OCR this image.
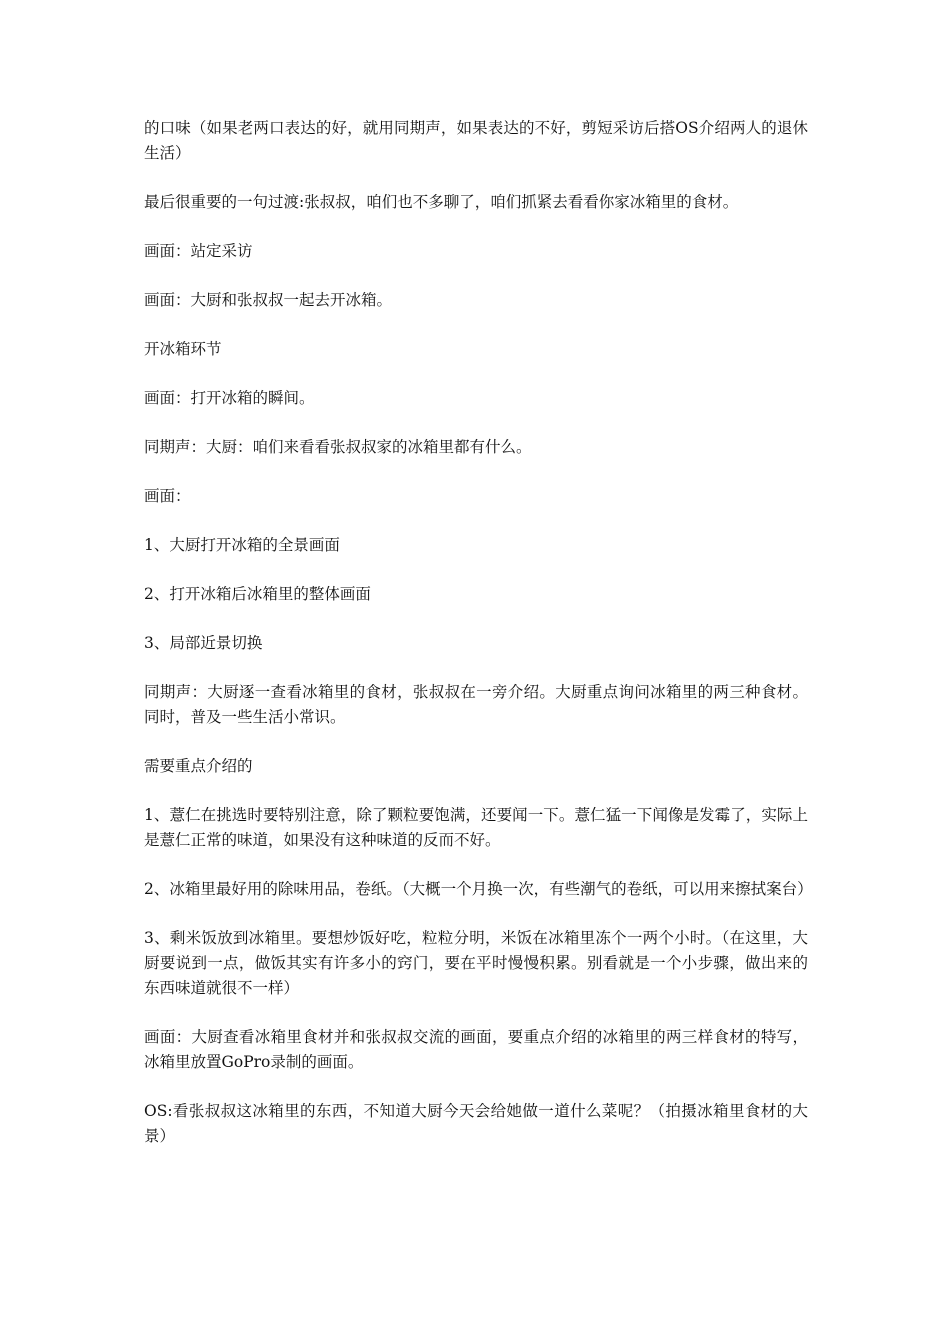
的口味（如果老两口表达的好，就用同期声，如果表达的不好，剪短采访后搭OS介绍两人的退休生活）

最后很重要的一句过渡:张叔叔，咱们也不多聊了，咱们抓紧去看看你家冰箱里的食材。

画面：站定采访

画面：大厨和张叔叔一起去开冰箱。

开冰箱环节

画面：打开冰箱的瞬间。

同期声：大厨：咱们来看看张叔叔家的冰箱里都有什么。

画面：

1、大厨打开冰箱的全景画面

2、打开冰箱后冰箱里的整体画面

3、局部近景切换

同期声：大厨逐一查看冰箱里的食材，张叔叔在一旁介绍。大厨重点询问冰箱里的两三种食材。同时，普及一些生活小常识。

需要重点介绍的

1、薏仁在挑选时要特别注意，除了颗粒要饱满，还要闻一下。薏仁猛一下闻像是发霉了，实际上是薏仁正常的味道，如果没有这种味道的反而不好。

2、冰箱里最好用的除味用品，卷纸。（大概一个月换一次，有些潮气的卷纸，可以用来擦拭案台）

3、剩米饭放到冰箱里。要想炒饭好吃，粒粒分明，米饭在冰箱里冻个一两个小时。（在这里，大厨要说到一点，做饭其实有许多小的窍门，要在平时慢慢积累。别看就是一个小步骤，做出来的东西味道就很不一样）

画面：大厨查看冰箱里食材并和张叔叔交流的画面，要重点介绍的冰箱里的两三样食材的特写，冰箱里放置GoPro录制的画面。

OS:看张叔叔这冰箱里的东西，不知道大厨今天会给她做一道什么菜呢？（拍摄冰箱里食材的大景）
